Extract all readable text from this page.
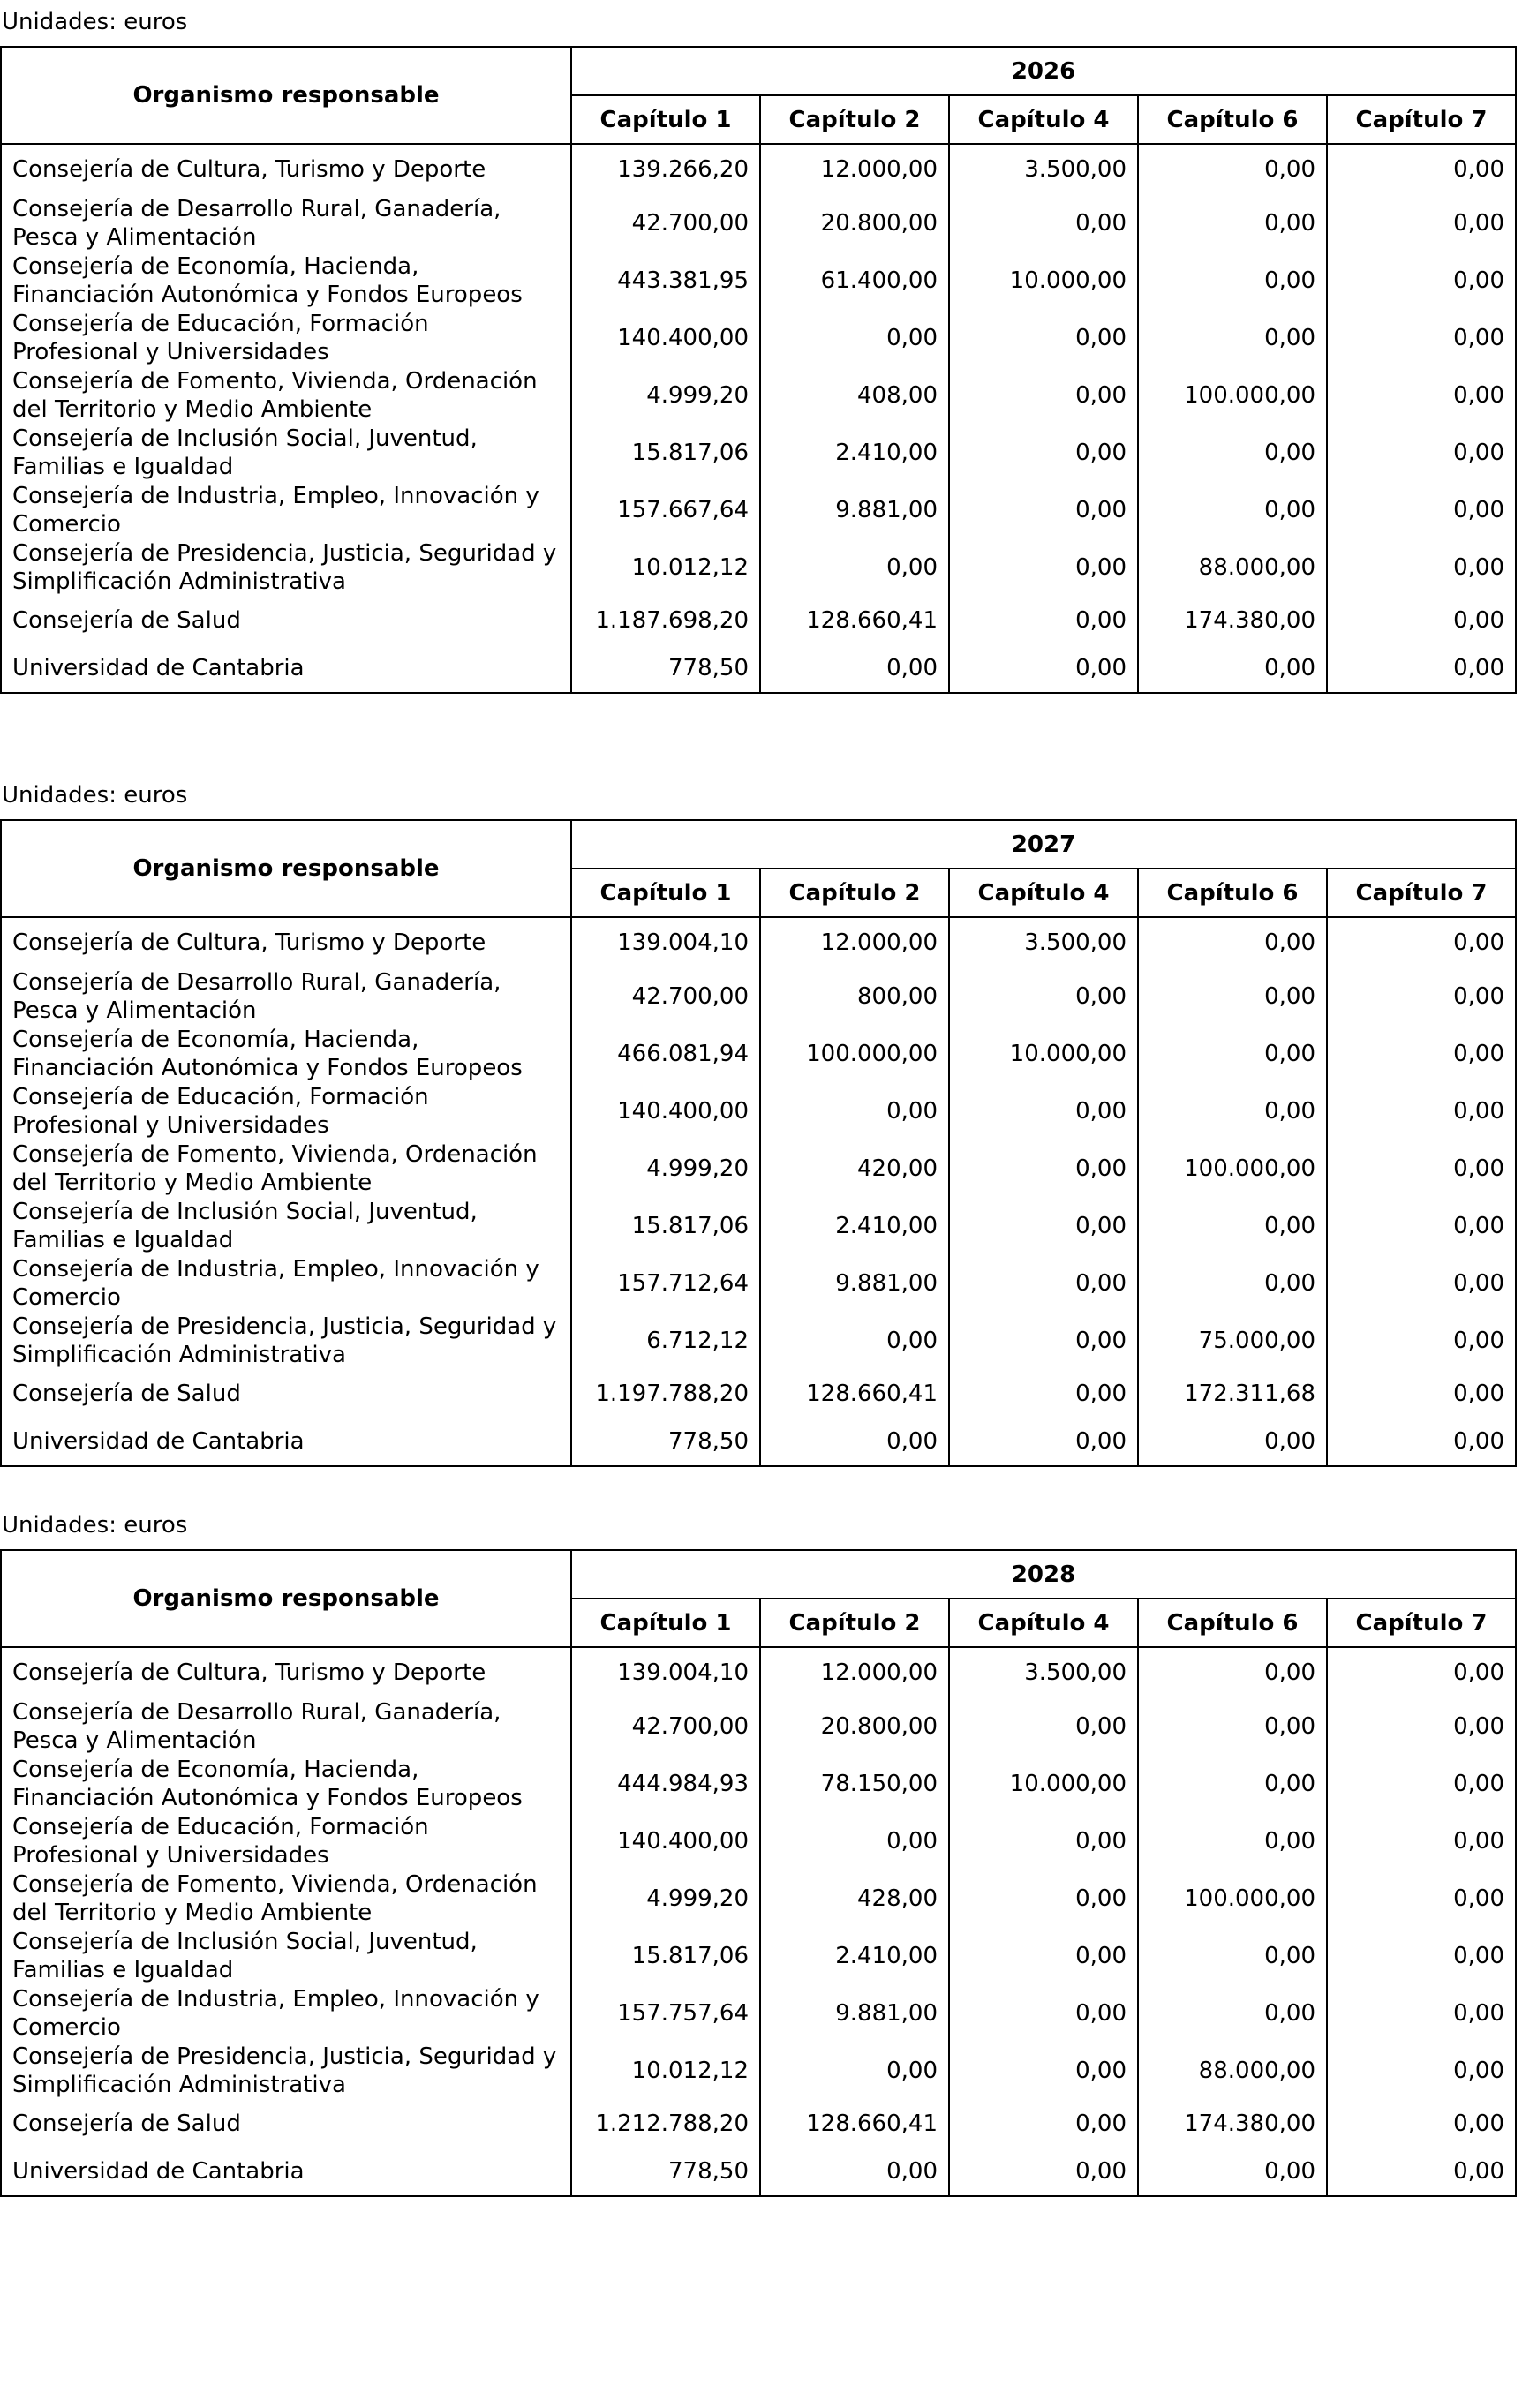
Unidades: euros
Organismo responsable	2026				
	Capítulo 1	Capítulo 2	Capítulo 4	Capítulo 6	Capítulo 7
Consejería de Cultura, Turismo y Deporte	139.266,20	12.000,00	3.500,00	0,00	0,00
Consejería de Desarrollo Rural, Ganadería, Pesca y Alimentación	42.700,00	20.800,00	0,00	0,00	0,00
Consejería de Economía, Hacienda, Financiación Autonómica y Fondos Europeos	443.381,95	61.400,00	10.000,00	0,00	0,00
Consejería de Educación, Formación Profesional y Universidades	140.400,00	0,00	0,00	0,00	0,00
Consejería de Fomento, Vivienda, Ordenación del Territorio y Medio Ambiente	4.999,20	408,00	0,00	100.000,00	0,00
Consejería de Inclusión Social, Juventud, Familias e Igualdad	15.817,06	2.410,00	0,00	0,00	0,00
Consejería de Industria, Empleo, Innovación y Comercio	157.667,64	9.881,00	0,00	0,00	0,00
Consejería de Presidencia, Justicia, Seguridad y Simplificación Administrativa	10.012,12	0,00	0,00	88.000,00	0,00
Consejería de Salud	1.187.698,20	128.660,41	0,00	174.380,00	0,00
Universidad de Cantabria	778,50	0,00	0,00	0,00	0,00
Unidades: euros
Organismo responsable	2027				
	Capítulo 1	Capítulo 2	Capítulo 4	Capítulo 6	Capítulo 7
Consejería de Cultura, Turismo y Deporte	139.004,10	12.000,00	3.500,00	0,00	0,00
Consejería de Desarrollo Rural, Ganadería, Pesca y Alimentación	42.700,00	800,00	0,00	0,00	0,00
Consejería de Economía, Hacienda, Financiación Autonómica y Fondos Europeos	466.081,94	100.000,00	10.000,00	0,00	0,00
Consejería de Educación, Formación Profesional y Universidades	140.400,00	0,00	0,00	0,00	0,00
Consejería de Fomento, Vivienda, Ordenación del Territorio y Medio Ambiente	4.999,20	420,00	0,00	100.000,00	0,00
Consejería de Inclusión Social, Juventud, Familias e Igualdad	15.817,06	2.410,00	0,00	0,00	0,00
Consejería de Industria, Empleo, Innovación y Comercio	157.712,64	9.881,00	0,00	0,00	0,00
Consejería de Presidencia, Justicia, Seguridad y Simplificación Administrativa	6.712,12	0,00	0,00	75.000,00	0,00
Consejería de Salud	1.197.788,20	128.660,41	0,00	172.311,68	0,00
Universidad de Cantabria	778,50	0,00	0,00	0,00	0,00
Unidades: euros
Organismo responsable	2028				
	Capítulo 1	Capítulo 2	Capítulo 4	Capítulo 6	Capítulo 7
Consejería de Cultura, Turismo y Deporte	139.004,10	12.000,00	3.500,00	0,00	0,00
Consejería de Desarrollo Rural, Ganadería, Pesca y Alimentación	42.700,00	20.800,00	0,00	0,00	0,00
Consejería de Economía, Hacienda, Financiación Autonómica y Fondos Europeos	444.984,93	78.150,00	10.000,00	0,00	0,00
Consejería de Educación, Formación Profesional y Universidades	140.400,00	0,00	0,00	0,00	0,00
Consejería de Fomento, Vivienda, Ordenación del Territorio y Medio Ambiente	4.999,20	428,00	0,00	100.000,00	0,00
Consejería de Inclusión Social, Juventud, Familias e Igualdad	15.817,06	2.410,00	0,00	0,00	0,00
Consejería de Industria, Empleo, Innovación y Comercio	157.757,64	9.881,00	0,00	0,00	0,00
Consejería de Presidencia, Justicia, Seguridad y Simplificación Administrativa	10.012,12	0,00	0,00	88.000,00	0,00
Consejería de Salud	1.212.788,20	128.660,41	0,00	174.380,00	0,00
Universidad de Cantabria	778,50	0,00	0,00	0,00	0,00
